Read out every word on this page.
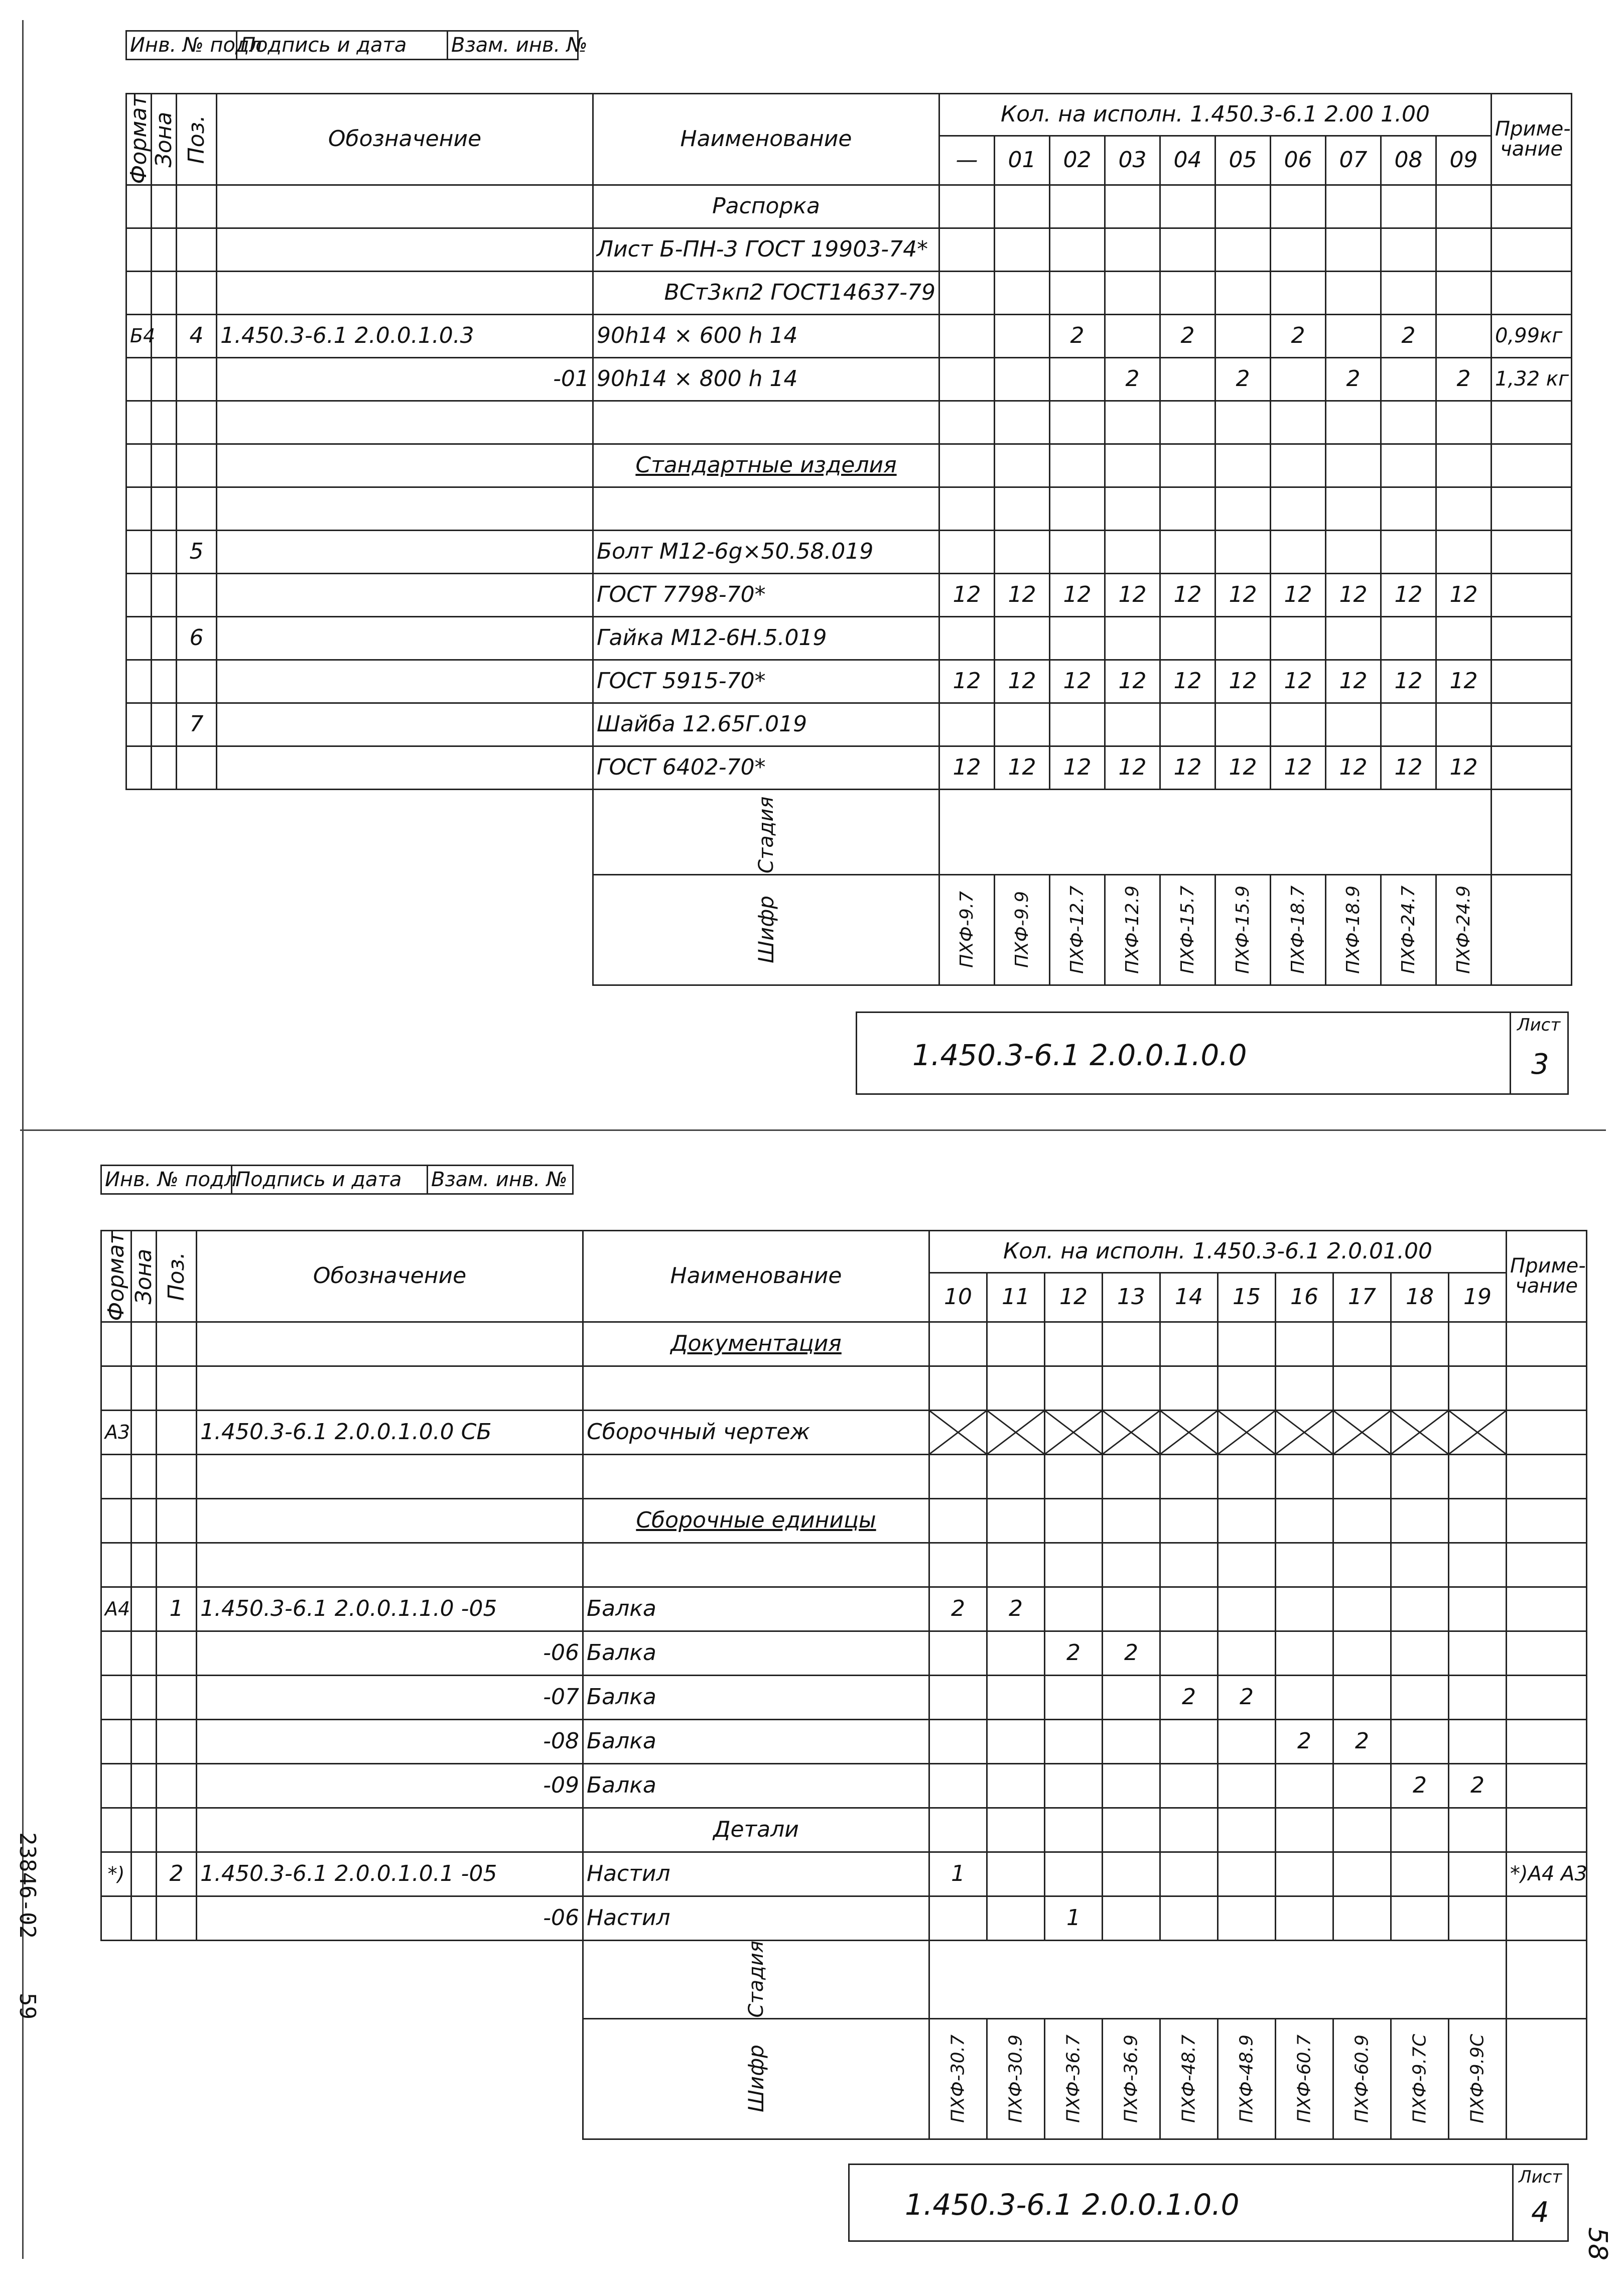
Инв. № подл	Подпись и дата	Взам. инв. №
Формат	Зона	Поз.	Обозначение	Наименование	Кол. на исполн. 1.450.3-6.1 2.00 1.00										Приме-чание
					—	01	02	03	04	05	06	07	08	09	
				Распорка											
				Лист Б-ПН-3 ГОСТ 19903-74*											
				ВСт3кп2 ГОСТ14637-79											
Б4		4	1.450.3-6.1 2.0.0.1.0.3	90h14 × 600 h 14			2		2		2		2		0,99кг
			-01	90h14 × 800 h 14				2		2		2		2	1,32 кг

				Стандартные изделия											

		5		Болт М12-6g×50.58.019											
				ГОСТ 7798-70*	12	12	12	12	12	12	12	12	12	12	
		6		Гайка М12-6Н.5.019											
				ГОСТ 5915-70*	12	12	12	12	12	12	12	12	12	12	
		7		Шайба 12.65Г.019											
				ГОСТ 6402-70*	12	12	12	12	12	12	12	12	12	12	
				Стадия											
				Шифр	ПХФ-9.7	ПХФ-9.9	ПХФ-12.7	ПХФ-12.9	ПХФ-15.7	ПХФ-15.9	ПХФ-18.7	ПХФ-18.9	ПХФ-24.7	ПХФ-24.9	
1.450.3-6.1 2.0.0.1.0.0
Лист
3
Инв. № подл	Подпись и дата	Взам. инв. №
Формат	Зона	Поз.	Обозначение	Наименование	Кол. на исполн. 1.450.3-6.1 2.0.01.00										Приме-чание
					10	11	12	13	14	15	16	17	18	19	
				Документация											

А3			1.450.3-6.1 2.0.0.1.0.0 СБ	Сборочный чертеж	

				Сборочные единицы											

А4		1	1.450.3-6.1 2.0.0.1.1.0 -05	Балка	2	2									
			-06	Балка			2	2							
			-07	Балка					2	2					
			-08	Балка							2	2			
			-09	Балка									2	2	
				Детали											
*)		2	1.450.3-6.1 2.0.0.1.0.1 -05	Настил	1										*)А4 А3
			-06	Настил			1								
				Стадия											
				Шифр	ПХФ-30.7	ПХФ-30.9	ПХФ-36.7	ПХФ-36.9	ПХФ-48.7	ПХФ-48.9	ПХФ-60.7	ПХФ-60.9	ПХФ-9.7С	ПХФ-9.9С	
1.450.3-6.1 2.0.0.1.0.0
Лист
4
23846-02
59
58
